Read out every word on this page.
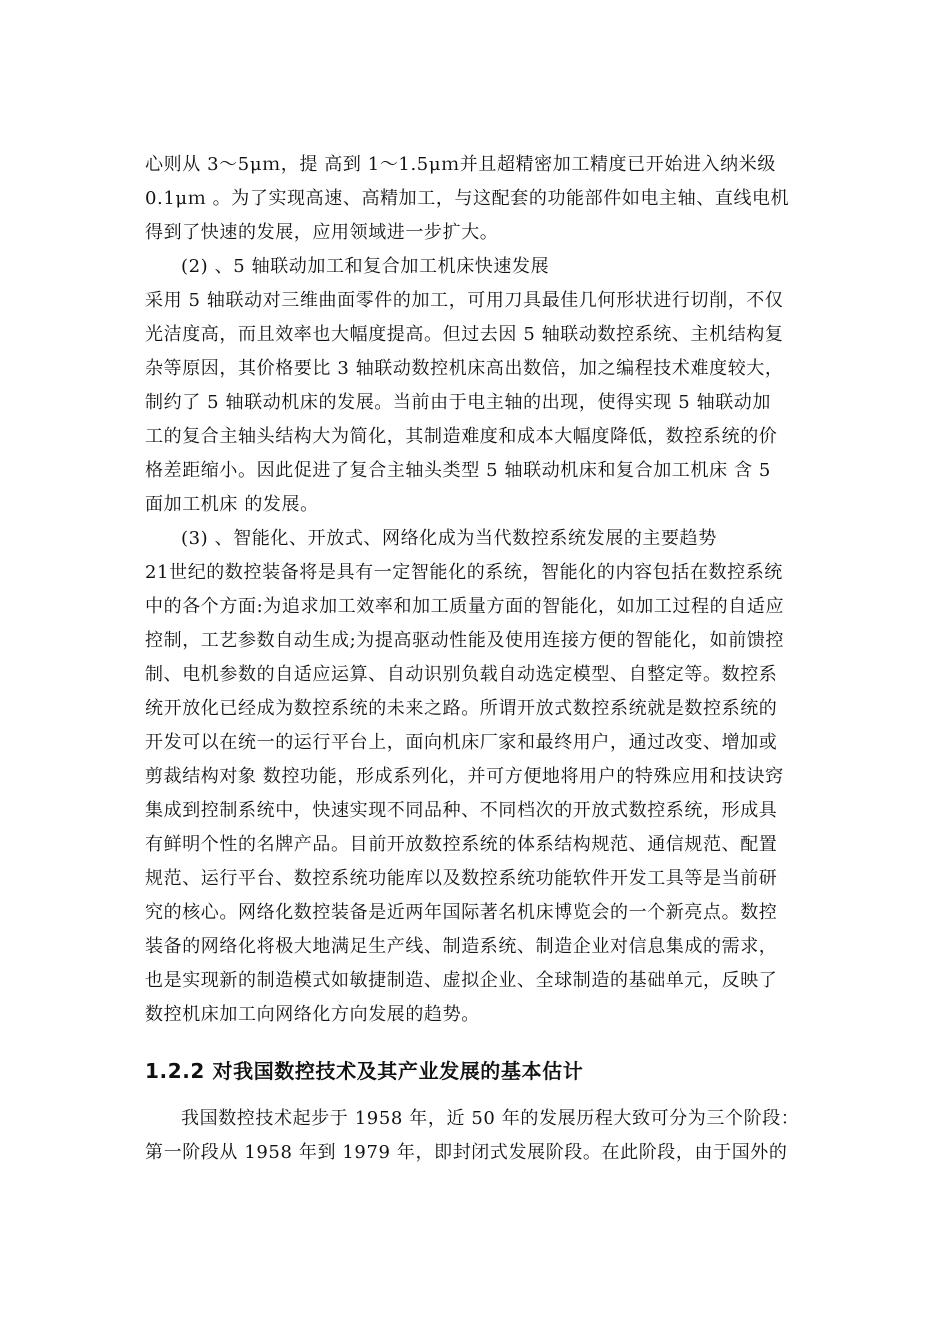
心则从 3～5μｍ，提 高到 1～1.5μｍ并且超精密加工精度已开始进入纳米级
0.1μｍ 。为了实现高速、高精加工，与这配套的功能部件如电主轴、直线电机
得到了快速的发展，应用领域进一步扩大。
(2) 、5 轴联动加工和复合加工机床快速发展
采用 5 轴联动对三维曲面零件的加工，可用刀具最佳几何形状进行切削，不仅
光洁度高，而且效率也大幅度提高。但过去因 5 轴联动数控系统、主机结构复
杂等原因，其价格要比 3 轴联动数控机床高出数倍，加之编程技术难度较大，
制约了 5 轴联动机床的发展。当前由于电主轴的出现，使得实现 5 轴联动加
工的复合主轴头结构大为简化，其制造难度和成本大幅度降低，数控系统的价
格差距缩小。因此促进了复合主轴头类型 5 轴联动机床和复合加工机床 含 5
面加工机床 的发展。
(3) 、智能化、开放式、网络化成为当代数控系统发展的主要趋势
21世纪的数控装备将是具有一定智能化的系统，智能化的内容包括在数控系统
中的各个方面:为追求加工效率和加工质量方面的智能化，如加工过程的自适应
控制，工艺参数自动生成;为提高驱动性能及使用连接方便的智能化，如前馈控
制、电机参数的自适应运算、自动识别负载自动选定模型、自整定等。数控系
统开放化已经成为数控系统的未来之路。所谓开放式数控系统就是数控系统的
开发可以在统一的运行平台上，面向机床厂家和最终用户，通过改变、增加或
剪裁结构对象 数控功能，形成系列化，并可方便地将用户的特殊应用和技诀窍
集成到控制系统中，快速实现不同品种、不同档次的开放式数控系统，形成具
有鲜明个性的名牌产品。目前开放数控系统的体系结构规范、通信规范、配置
规范、运行平台、数控系统功能库以及数控系统功能软件开发工具等是当前研
究的核心。网络化数控装备是近两年国际著名机床博览会的一个新亮点。数控
装备的网络化将极大地满足生产线、制造系统、制造企业对信息集成的需求，
也是实现新的制造模式如敏捷制造、虚拟企业、全球制造的基础单元，反映了
数控机床加工向网络化方向发展的趋势。
1.2.2 对我国数控技术及其产业发展的基本估计
我国数控技术起步于 1958 年，近 50 年的发展历程大致可分为三个阶段：
第一阶段从 1958 年到 1979 年，即封闭式发展阶段。在此阶段，由于国外的
